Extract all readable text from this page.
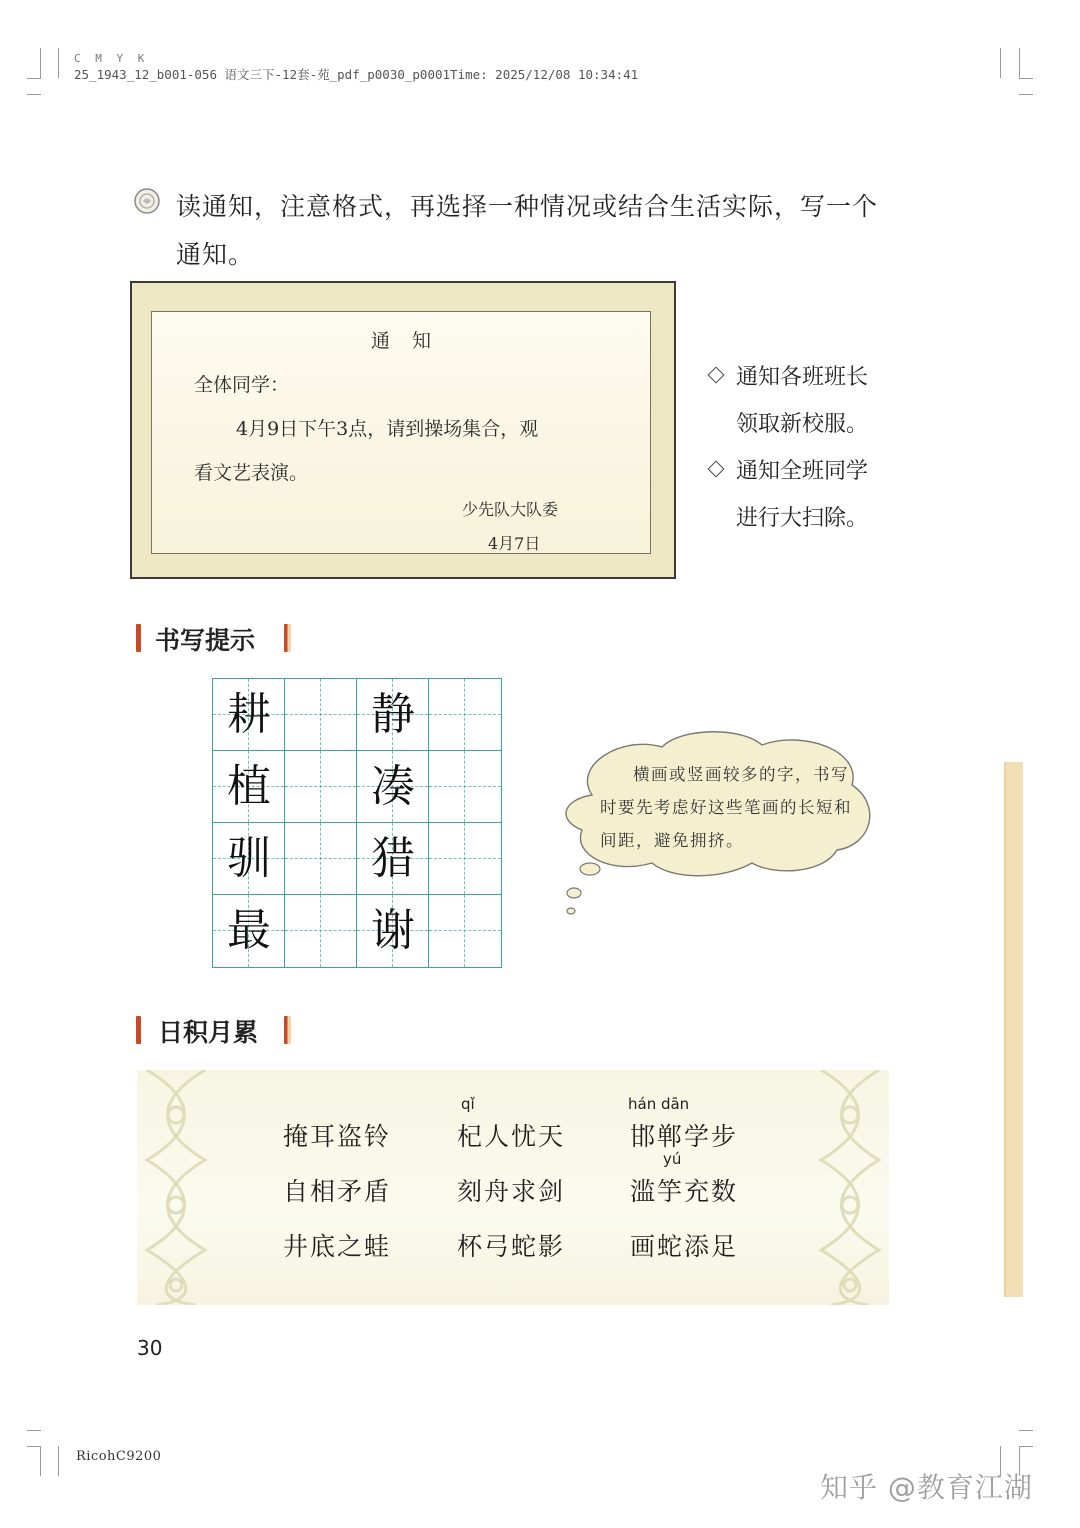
C M Y K
25_1943_12_b001-056 语文三下-12套-苑_pdf_p0030_p0001Time: 2025/12/08 10:34:41
读通知，注意格式，再选择一种情况或结合生活实际，写一个通知。
通知
全体同学：
4月9日下午3点，请到操场集合，观
看文艺表演。
少先队大队委
4月7日
通知各班班长
领取新校服。
通知全班同学
进行大扫除。
书写提示
耕	静
植	凑
驯	猎
最	谢
横画或竖画较多的字，书写时要先考虑好这些笔画的长短和间距，避免拥挤。
日积月累
qǐ	hán dān
yú
掩耳盗铃	杞人忧天	邯郸学步
自相矛盾	刻舟求剑	滥竽充数
井底之蛙	杯弓蛇影	画蛇添足
30
RicohC9200
知乎 @教育江湖
